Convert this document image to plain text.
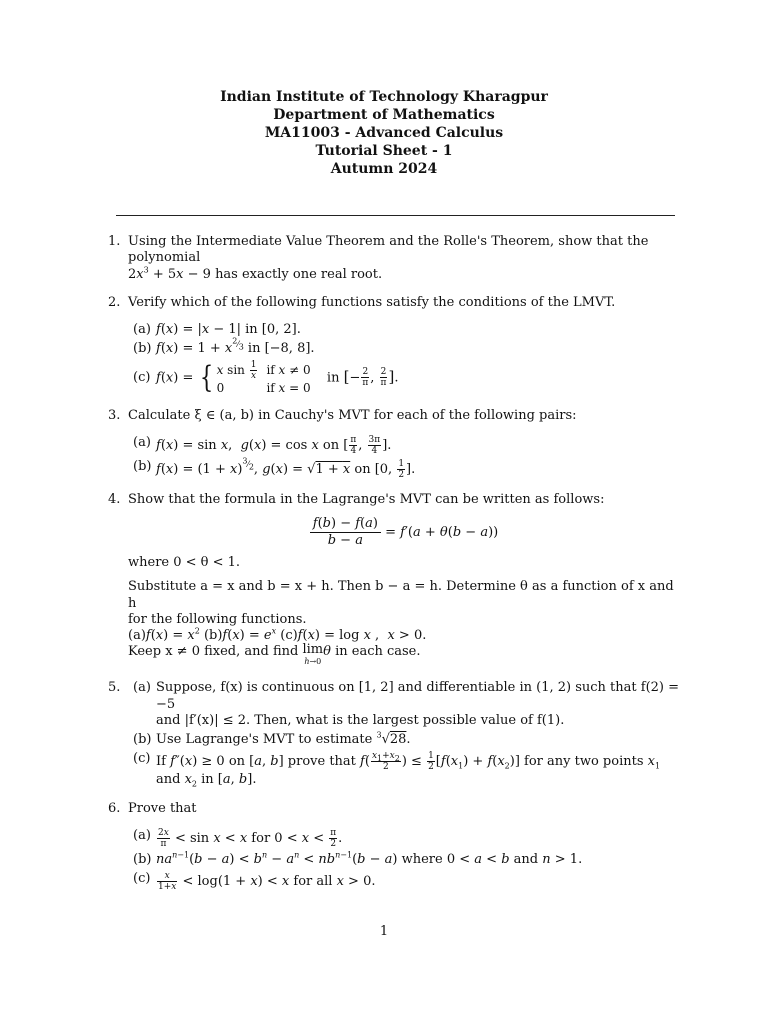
Indian Institute of Technology Kharagpur
Department of Mathematics
MA11003 - Advanced Calculus
Tutorial Sheet - 1
Autumn 2024
1. Using the Intermediate Value Theorem and the Rolle's Theorem, show that the polynomial
$2x^3 + 5x - 9$ has exactly one real root.
2. Verify which of the following functions satisfy the conditions of the LMVT.
(a) f(x) = |x − 1| in [0, 2].
(b) $f(x) = 1 + x^{^2⁄_3}$ in [−8, 8].
(c) f(x) = { x $\sin \frac{1}{x}$	if x ≠ 0
0	if x = 0  in [− $\frac{2}{\pi}$ , $\frac{2}{\pi}$ ].
3. Calculate ξ ∈ (a, b) in Cauchy's MVT for each of the following pairs:
(a) f(x) = sin x,  g(x) = cos x on [ $\frac{\pi}{4}$ , $\frac{3\pi}{4}$ ].
(b) $f(x) = (1 + x)^{^3⁄_2}$, g(x) = √1 + x on [0, $\frac{1}{2}$ ].
4. Show that the formula in the Lagrange's MVT can be written as follows:
$\frac{f(b) - f(a)}{b - a} = f'(a + \theta(b - a))$
where 0 < θ < 1.
Substitute a = x and b = x + h. Then b − a = h. Determine θ as a function of x and h
for the following functions.
$(a)f(x) = x^2$ $(b)f(x) = e^x$ (c)f(x) = log x ,  x > 0.
Keep x ≠ 0 fixed, and find lim
h→0
θ in each case.
5. (a) Suppose, f(x) is continuous on [1, 2] and differentiable in (1, 2) such that f(2) = −5
and |f′(x)| ≤ 2. Then, what is the largest possible value of f(1).
(b) Use Lagrange's MVT to estimate $^3$√28.
(c) If f″(x) ≥ 0 on [a, b] prove that $f( \frac{x_1+x_2}{2}$ ) ≤ $\frac{1}{2} [f(x_1) + f(x_2)]$ for any two points $x_1$
and $x_2$ in [a, b].
6. Prove that
$(a) \frac{2x}{\pi} < \sin x < x$ for $0 < x < \frac{\pi}{2}$ .
(b) $na^{n-1}(b - a) < b^n - a^n < nb^{n-1}(b - a)$ where 0 < a < b and n > 1.
$(c) \frac{x}{1+x} < \log(1 + x) < x$ for all x > 0.
1
